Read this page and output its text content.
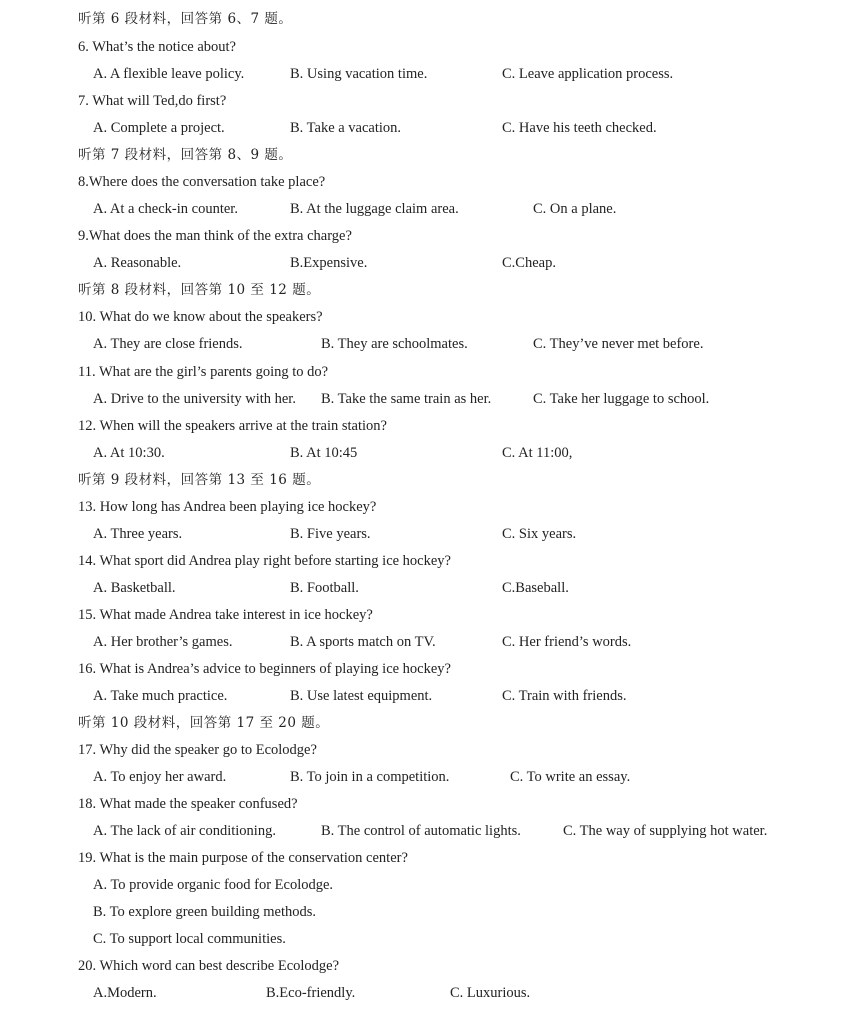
听第 6 段材料，回答第 6、7 题。
6. What’s the notice about?
A. A flexible leave policy.	B. Using vacation time.	C. Leave application process.
7. What will Ted,do first?
A. Complete a project.	B. Take a vacation.	C. Have his teeth checked.
听第 7 段材料，回答第 8、9 题。
8.Where does the conversation take place?
A. At a check-in counter.	B. At the luggage claim area.	C. On a plane.
9.What does the man think of the extra charge?
A. Reasonable.	B.Expensive.	C.Cheap.
听第 8 段材料，回答第 10 至 12 题。
10. What do we know about the speakers?
A. They are close friends.	B. They are schoolmates.	C. They’ve never met before.
11. What are the girl’s parents going to do?
A. Drive to the university with her. B. Take the same train as her.	C. Take her luggage to school.
12. When will the speakers arrive at the train station?
A. At 10:30.	B. At 10:45	C. At 11:00,
听第 9 段材料，回答第 13 至 16 题。
13. How long has Andrea been playing ice hockey?
A. Three years.	B. Five years.	C. Six years.
14. What sport did Andrea play right before starting ice hockey?
A. Basketball.	B. Football.	C.Baseball.
15. What made Andrea take interest in ice hockey?
A. Her brother’s games.	B. A sports match on TV.	C. Her friend’s words.
16. What is Andrea’s advice to beginners of playing ice hockey?
A. Take much practice.	B. Use latest equipment.	C. Train with friends.
听第 10 段材料，回答第 17 至 20 题。
17. Why did the speaker go to Ecolodge?
A. To enjoy her award.	B. To join in a competition.	C. To write an essay.
18. What made the speaker confused?
A. The lack of air conditioning.	B. The control of automatic lights.	C. The way of supplying hot water.
19. What is the main purpose of the conservation center?
A. To provide organic food for Ecolodge.
B. To explore green building methods.
C. To support local communities.
20. Which word can best describe Ecolodge?
A.Modern.	B.Eco-friendly.	C. Luxurious.
